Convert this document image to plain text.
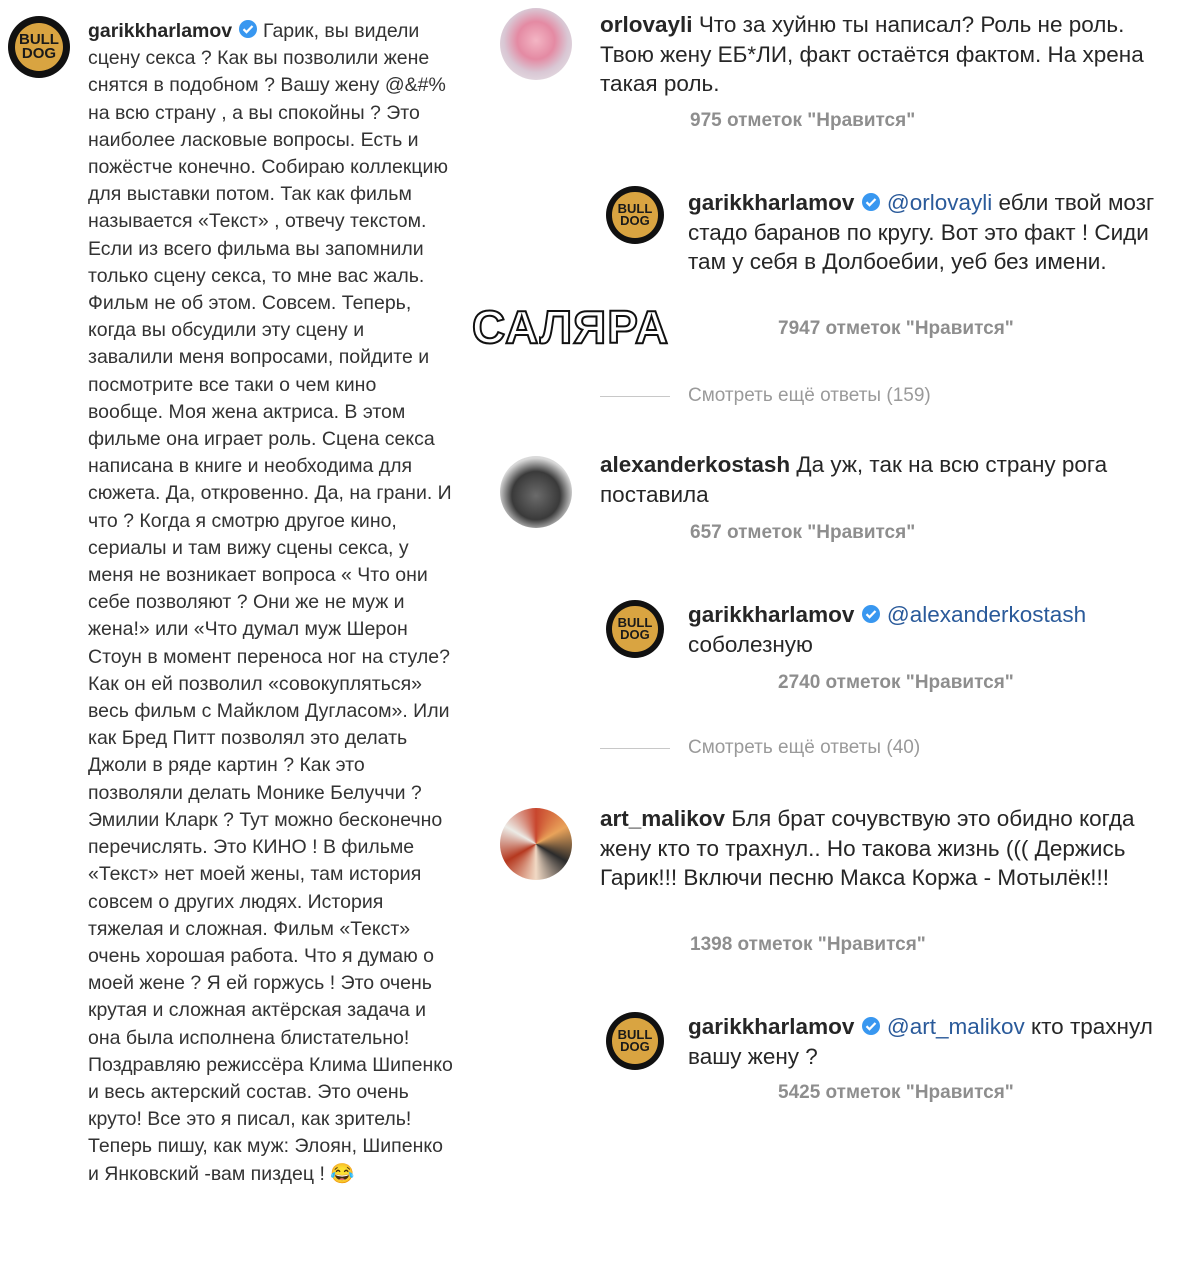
BULL
DOG
garikkharlamov Гарик, вы видели сцену секса ? Как вы позволили жене снятся в подобном ? Вашу жену @&#% на всю страну , а вы спокойны ? Это наиболее ласковые вопросы. Есть и пожёстче конечно. Собираю коллекцию для выставки потом. Так как фильм называется «Текст» , отвечу текстом. Если из всего фильма вы запомнили только сцену секса, то мне вас жаль. Фильм не об этом. Совсем. Теперь, когда вы обсудили эту сцену и завалили меня вопросами, пойдите и посмотрите все таки о чем кино вообще. Моя жена актриса. В этом фильме она играет роль. Сцена секса написана в книге и необходима для сюжета. Да, откровенно. Да, на грани. И что ? Когда я смотрю другое кино, сериалы и там вижу сцены секса, у меня не возникает вопроса « Что они себе позволяют ? Они же не муж и жена!» или «Что думал муж Шерон Стоун в момент переноса ног на стуле? Как он ей позволил «совокупляться» весь фильм с Майклом Дугласом». Или как Бред Питт позволял это делать Джоли в ряде картин ? Как это позволяли делать Монике Белуччи ? Эмилии Кларк ? Тут можно бесконечно перечислять. Это КИНО ! В фильме «Текст» нет моей жены, там история совсем о других людях. История тяжелая и сложная. Фильм «Текст» очень хорошая работа. Что я думаю о моей жене ? Я ей горжусь ! Это очень крутая и сложная актёрская задача и она была исполнена блистательно! Поздравляю режиссёра Клима Шипенко и весь актерский состав. Это очень круто! Все это я писал, как зритель! Теперь пишу, как муж: Элоян, Шипенко и Янковский -вам пиздец ! 😂
САЛЯРА
orlovayli Что за хуйню ты написал? Роль не роль. Твою жену ЕБ*ЛИ, факт остаётся фактом. На хрена такая роль.
975 отметок "Нравится"
BULL
DOG
garikkharlamov @orlovayli ебли твой мозг стадо баранов по кругу. Вот это факт ! Сиди там у себя в Долбоебии, уеб без имени.
7947 отметок "Нравится"
Смотреть ещё ответы (159)
alexanderkostash Да уж, так на всю страну рога поставила
657 отметок "Нравится"
BULL
DOG
garikkharlamov @alexanderkostash соболезную
2740 отметок "Нравится"
Смотреть ещё ответы (40)
art_malikov Бля брат сочувствую это обидно когда жену кто то трахнул.. Но такова жизнь ((( Держись Гарик!!! Включи песню Макса Коржа - Мотылёк!!!
1398 отметок "Нравится"
BULL
DOG
garikkharlamov @art_malikov кто трахнул вашу жену ?
5425 отметок "Нравится"
